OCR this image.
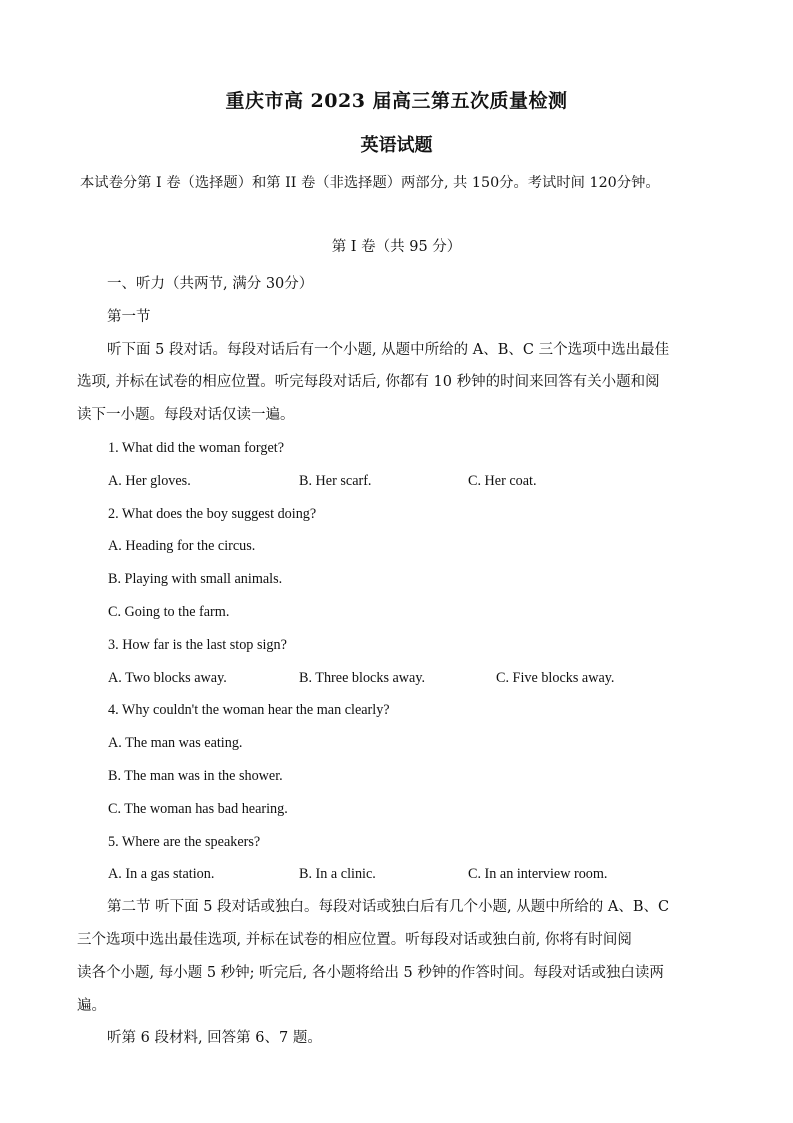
重庆市高 2023 届高三第五次质量检测
英语试题
本试卷分第 I 卷（选择题）和第 II 卷（非选择题）两部分, 共 150分。考试时间 120分钟。
第 I 卷（共 95 分）
一、听力（共两节, 满分 30分）
第一节
听下面 5 段对话。每段对话后有一个小题, 从题中所给的 A、B、C 三个选项中选出最佳
选项, 并标在试卷的相应位置。听完每段对话后, 你都有 10 秒钟的时间来回答有关小题和阅
读下一小题。每段对话仅读一遍。
1. What did the woman forget?
A. Her gloves.	B. Her scarf.	C. Her coat.
2. What does the boy suggest doing?
A. Heading for the circus.
B. Playing with small animals.
C. Going to the farm.
3. How far is the last stop sign?
A. Two blocks away.	B. Three blocks away.	C. Five blocks away.
4. Why couldn't the woman hear the man clearly?
A. The man was eating.
B. The man was in the shower.
C. The woman has bad hearing.
5. Where are the speakers?
A. In a gas station.	B. In a clinic.	C. In an interview room.
第二节 听下面 5 段对话或独白。每段对话或独白后有几个小题, 从题中所给的 A、B、C
三个选项中选出最佳选项, 并标在试卷的相应位置。听每段对话或独白前, 你将有时间阅
读各个小题, 每小题 5 秒钟; 听完后, 各小题将给出 5 秒钟的作答时间。每段对话或独白读两
遍。
听第 6 段材料, 回答第 6、7 题。
